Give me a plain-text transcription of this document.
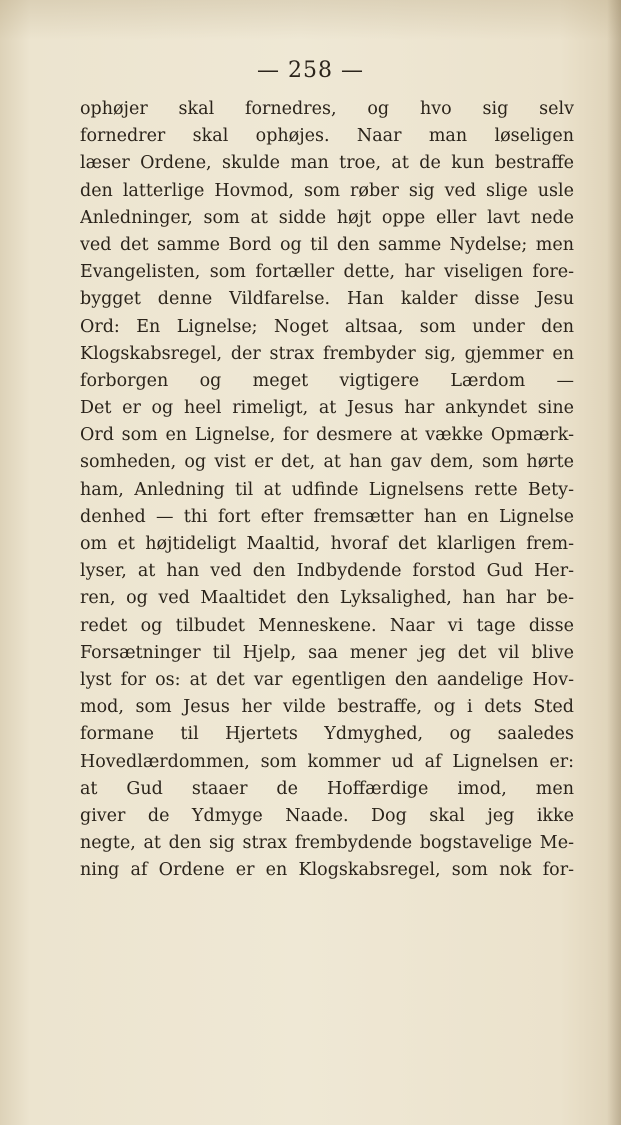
— 258 —
ophøjer skal fornedres, og hvo sig selv
fornedrer skal ophøjes. Naar man løseligen
læser Ordene, skulde man troe, at de kun bestraffe
den latterlige Hovmod, som røber sig ved slige usle
Anledninger, som at sidde højt oppe eller lavt nede
ved det samme Bord og til den samme Nydelse; men
Evangelisten, som fortæller dette, har viseligen fore-
bygget denne Vildfarelse. Han kalder disse Jesu
Ord: En Lignelse; Noget altsaa, som under den
Klogskabsregel, der strax frembyder sig, gjemmer en
forborgen og meget vigtigere Lærdom —
Det er og heel rimeligt, at Jesus har ankyndet sine
Ord som en Lignelse, for desmere at vække Opmærk-
somheden, og vist er det, at han gav dem, som hørte
ham, Anledning til at udfinde Lignelsens rette Bety-
denhed — thi fort efter fremsætter han en Lignelse
om et højtideligt Maaltid, hvoraf det klarligen frem-
lyser, at han ved den Indbydende forstod Gud Her-
ren, og ved Maaltidet den Lyksalighed, han har be-
redet og tilbudet Menneskene. Naar vi tage disse
Forsætninger til Hjelp, saa mener jeg det vil blive
lyst for os: at det var egentligen den aandelige Hov-
mod, som Jesus her vilde bestraffe, og i dets Sted
formane til Hjertets Ydmyghed, og saaledes
Hovedlærdommen, som kommer ud af Lignelsen er:
at Gud staaer de Hoffærdige imod, men
giver de Ydmyge Naade. Dog skal jeg ikke
negte, at den sig strax frembydende bogstavelige Me-
ning af Ordene er en Klogskabsregel, som nok for-
